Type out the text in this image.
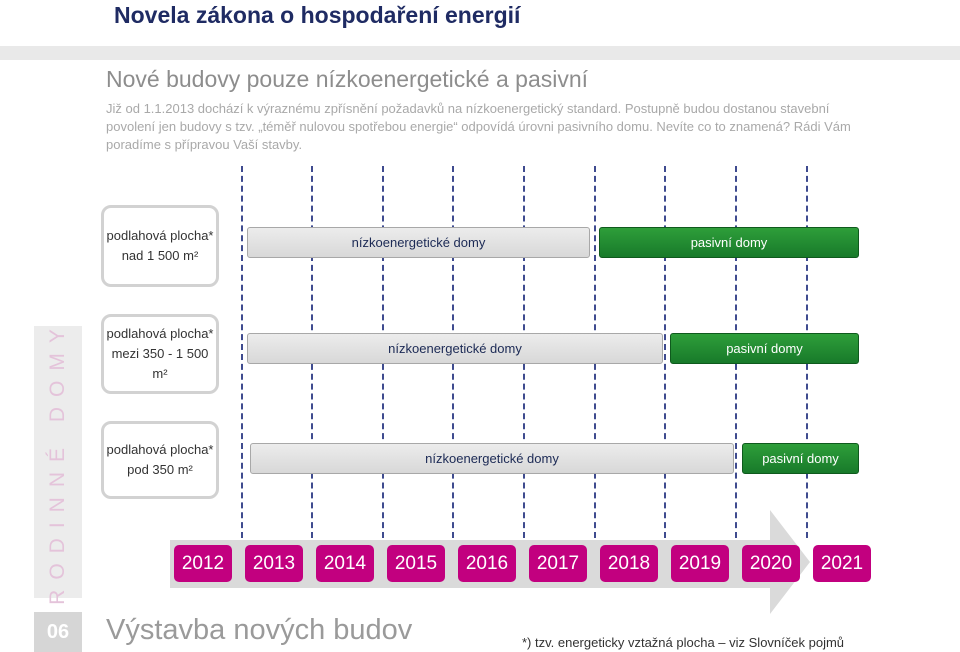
Novela zákona o hospodaření energií
Nové budovy pouze nízkoenergetické a pasivní
Již od 1.1.2013 dochází k výraznému zpřísnění požadavků na nízkoenergetický standard. Postupně budou dostanou stavební povolení jen budovy s tzv. „téměř nulovou spotřebou energie“ odpovídá úrovni pasivního domu. Nevíte co to znamená? Rádi Vám poradíme s přípravou Vaší stavby.
podlahová plocha* nad 1 500 m²
nízkoenergetické domy	pasivní domy
podlahová plocha* mezi 350 - 1 500 m²
nízkoenergetické domy	pasivní domy
podlahová plocha* pod 350 m²
nízkoenergetické domy	pasivní domy
RODINNÉ DOMY
06
2012	2013	2014	2015	2016	2017	2018	2019	2020	2021
Výstavba nových budov	*) tzv. energeticky vztažná plocha – viz Slovníček pojmů
